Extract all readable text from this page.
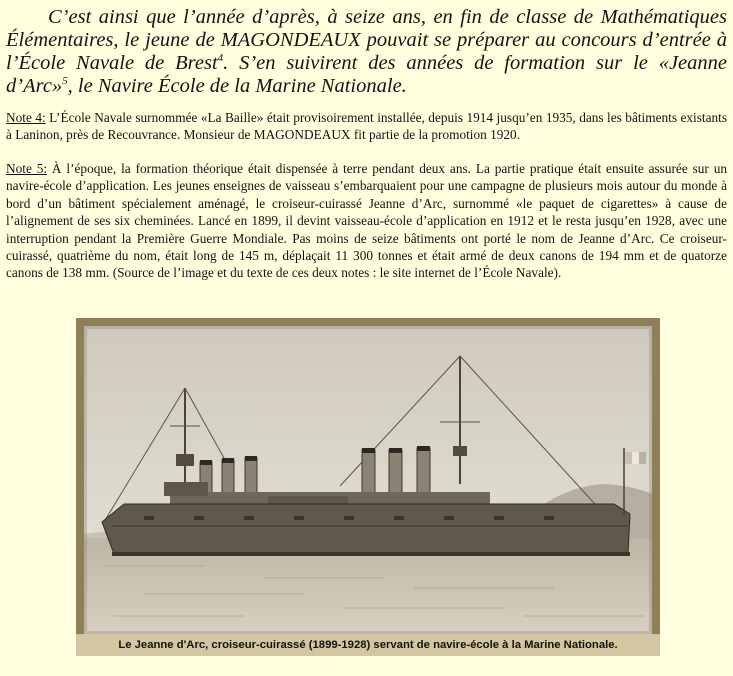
C’est ainsi que l’année d’après, à seize ans, en fin de classe de Mathématiques Élémentaires, le jeune de MAGONDEAUX pouvait se préparer au concours d’entrée à l’École Navale de Brest$^4$. S’en suivirent des années de formation sur le «Jeanne d’Arc»$^5$, le Navire École de la Marine Nationale.

Note 4: L’École Navale surnommée «La Baille» était provisoirement installée, depuis 1914 jusqu’en 1935, dans les bâtiments existants à Laninon, près de Recouvrance. Monsieur de MAGONDEAUX fit partie de la promotion 1920.

Note 5: À l’époque, la formation théorique était dispensée à terre pendant deux ans. La partie pratique était ensuite assurée sur un navire-école d’application. Les jeunes enseignes de vaisseau s’embarquaient pour une campagne de plusieurs mois autour du monde à bord d’un bâtiment spécialement aménagé, le croiseur-cuirassé Jeanne d’Arc, surnommé «le paquet de cigarettes» à cause de l’alignement de ses six cheminées. Lancé en 1899, il devint vaisseau-école d’application en 1912 et le resta jusqu’en 1928, avec une interruption pendant la Première Guerre Mondiale. Pas moins de seize bâtiments ont porté le nom de Jeanne d’Arc. Ce croiseur-cuirassé, quatrième du nom, était long de 145 m, déplaçait 11 300 tonnes et était armé de deux canons de 194 mm et de quatorze canons de 138 mm. (Source de l’image et du texte de ces deux notes : le site internet de l’École Navale).

Le Jeanne d'Arc, croiseur-cuirassé (1899-1928) servant de navire-école à la Marine Nationale.
